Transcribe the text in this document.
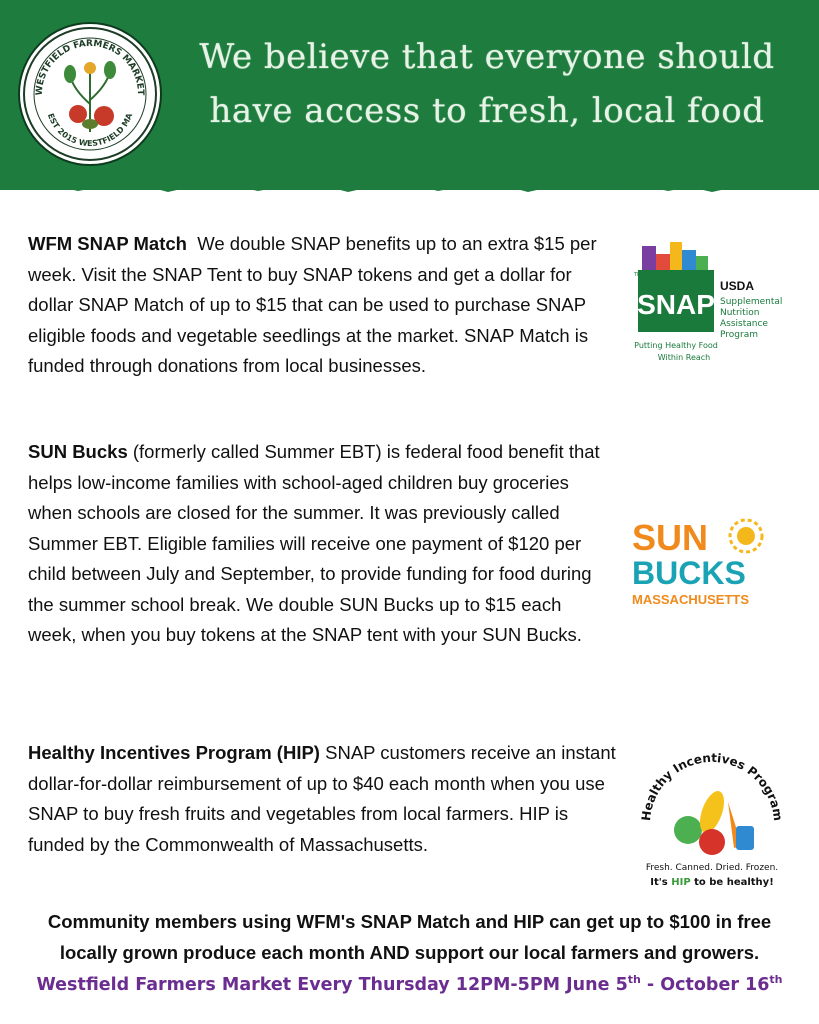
WESTFIELD FARMERS MARKET
EST 2015 WESTFIELD MA
We believe that everyone should
have access to fresh, local food
WFM SNAP Match We double SNAP benefits up to an extra $15 per week. Visit the SNAP Tent to buy SNAP tokens and get a dollar for dollar SNAP Match of up to $15 that can be used to purchase SNAP eligible foods and vegetable seedlings at the market. SNAP Match is funded through donations from local businesses.
TM
SNAP
USDA
Supplemental
Nutrition
Assistance
Program
Putting Healthy Food
Within Reach
SUN Bucks (formerly called Summer EBT) is federal food benefit that helps low-income families with school-aged children buy groceries when schools are closed for the summer. It was previously called Summer EBT. Eligible families will receive one payment of $120 per child between July and September, to provide funding for food during the summer school break. We double SUN Bucks up to $15 each week, when you buy tokens at the SNAP tent with your SUN Bucks.
SUN
BUCKS
MASSACHUSETTS
Healthy Incentives Program (HIP) SNAP customers receive an instant dollar-for-dollar reimbursement of up to $40 each month when you use SNAP to buy fresh fruits and vegetables from local farmers. HIP is funded by the Commonwealth of Massachusetts.
Healthy Incentives Program
Fresh. Canned. Dried. Frozen.
It's HIP to be healthy!
Community members using WFM's SNAP Match and HIP can get up to $100 in free
locally grown produce each month AND support our local farmers and growers.
Westfield Farmers Market Every Thursday 12PM-5PM June 5th - October 16th
